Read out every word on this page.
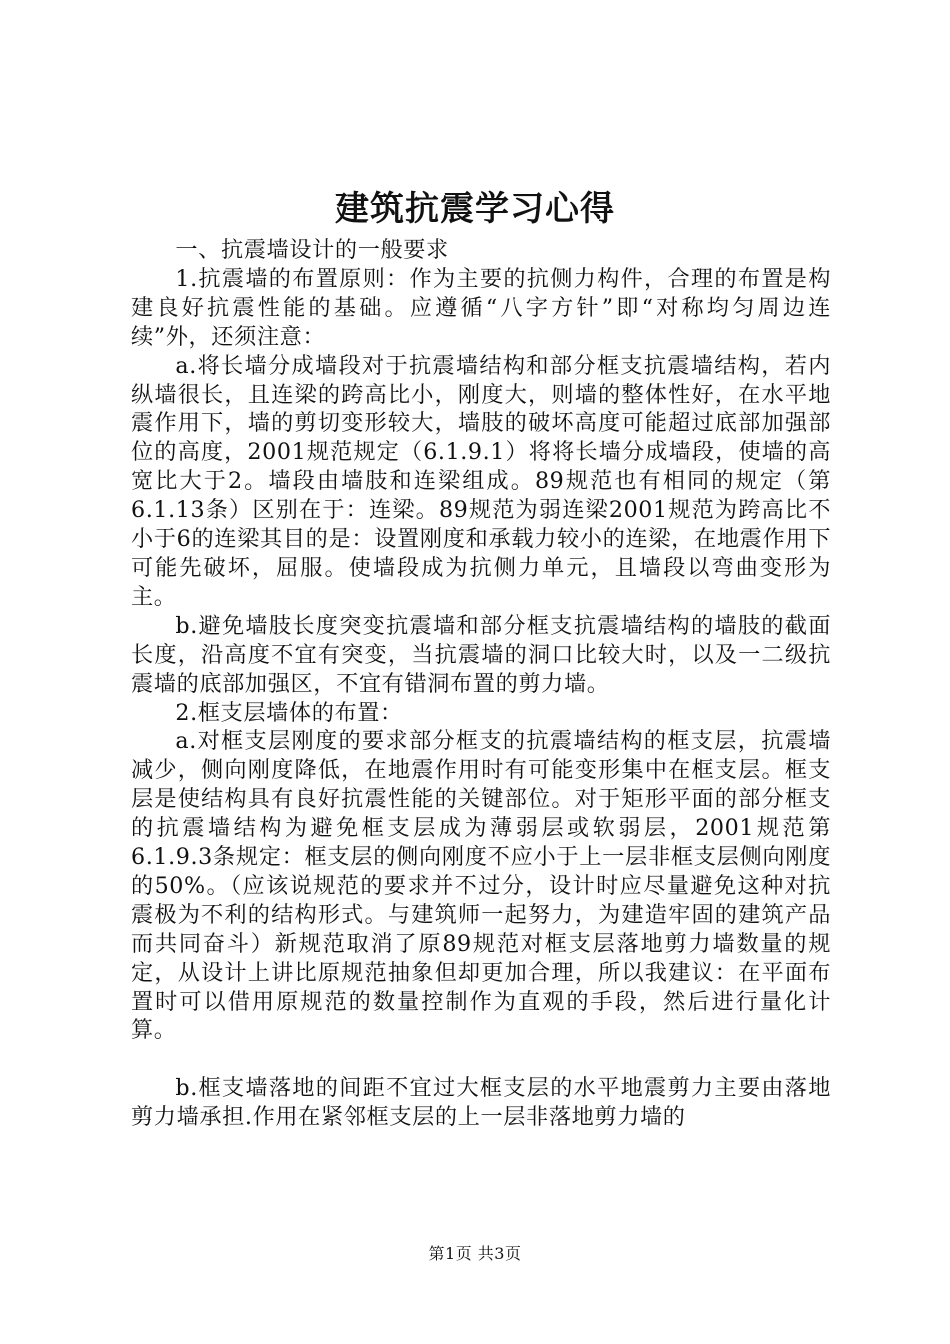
建筑抗震学习心得

一、抗震墙设计的一般要求

1.抗震墙的布置原则：作为主要的抗侧力构件，合理的布置是构建良好抗震性能的基础。应遵循“八字方针”即“对称均匀周边连续”外，还须注意：

a.将长墙分成墙段对于抗震墙结构和部分框支抗震墙结构，若内纵墙很长，且连梁的跨高比小，刚度大，则墙的整体性好，在水平地震作用下，墙的剪切变形较大，墙肢的破坏高度可能超过底部加强部位的高度，2001规范规定（6.1.9.1）将将长墙分成墙段，使墙的高宽比大于2。墙段由墙肢和连梁组成。89规范也有相同的规定（第6.1.13条）区别在于：连梁。89规范为弱连梁2001规范为跨高比不小于6的连梁其目的是：设置刚度和承载力较小的连梁，在地震作用下可能先破坏，屈服。使墙段成为抗侧力单元，且墙段以弯曲变形为主。

b.避免墙肢长度突变抗震墙和部分框支抗震墙结构的墙肢的截面长度，沿高度不宜有突变，当抗震墙的洞口比较大时，以及一二级抗震墙的底部加强区，不宜有错洞布置的剪力墙。

2.框支层墙体的布置：

a.对框支层刚度的要求部分框支的抗震墙结构的框支层，抗震墙减少，侧向刚度降低，在地震作用时有可能变形集中在框支层。框支层是使结构具有良好抗震性能的关键部位。对于矩形平面的部分框支的抗震墙结构为避免框支层成为薄弱层或软弱层，2001规范第6.1.9.3条规定：框支层的侧向刚度不应小于上一层非框支层侧向刚度的50%。（应该说规范的要求并不过分，设计时应尽量避免这种对抗震极为不利的结构形式。与建筑师一起努力，为建造牢固的建筑产品而共同奋斗）新规范取消了原89规范对框支层落地剪力墙数量的规定，从设计上讲比原规范抽象但却更加合理，所以我建议：在平面布置时可以借用原规范的数量控制作为直观的手段，然后进行量化计算。

b.框支墙落地的间距不宜过大框支层的水平地震剪力主要由落地剪力墙承担.作用在紧邻框支层的上一层非落地剪力墙的

第1页 共3页
